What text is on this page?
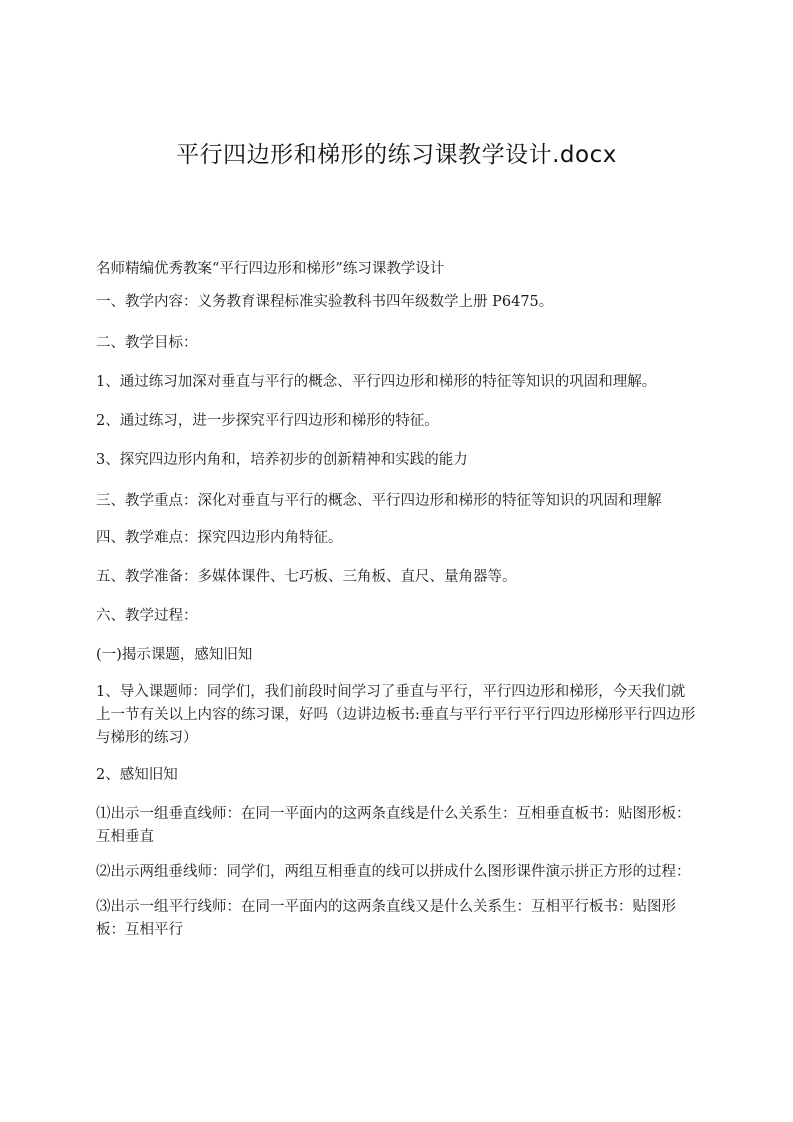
平行四边形和梯形的练习课教学设计.docx

名师精编优秀教案“平行四边形和梯形”练习课教学设计

一、教学内容：义务教育课程标准实验教科书四年级数学上册 P6475。

二、教学目标：

1、通过练习加深对垂直与平行的概念、平行四边形和梯形的特征等知识的巩固和理解。

2、通过练习，进一步探究平行四边形和梯形的特征。

3、探究四边形内角和，培养初步的创新精神和实践的能力

三、教学重点：深化对垂直与平行的概念、平行四边形和梯形的特征等知识的巩固和理解

四、教学难点：探究四边形内角特征。

五、教学准备：多媒体课件、七巧板、三角板、直尺、量角器等。

六、教学过程：

(一)揭示课题，感知旧知

1、导入课题师：同学们，我们前段时间学习了垂直与平行，平行四边形和梯形，今天我们就上一节有关以上内容的练习课，好吗（边讲边板书:垂直与平行平行平行四边形梯形平行四边形与梯形的练习）

2、感知旧知

⑴出示一组垂直线师：在同一平面内的这两条直线是什么关系生：互相垂直板书：贴图形板：互相垂直

⑵出示两组垂线师：同学们，两组互相垂直的线可以拼成什么图形课件演示拼正方形的过程：

⑶出示一组平行线师：在同一平面内的这两条直线又是什么关系生：互相平行板书：贴图形板：互相平行
